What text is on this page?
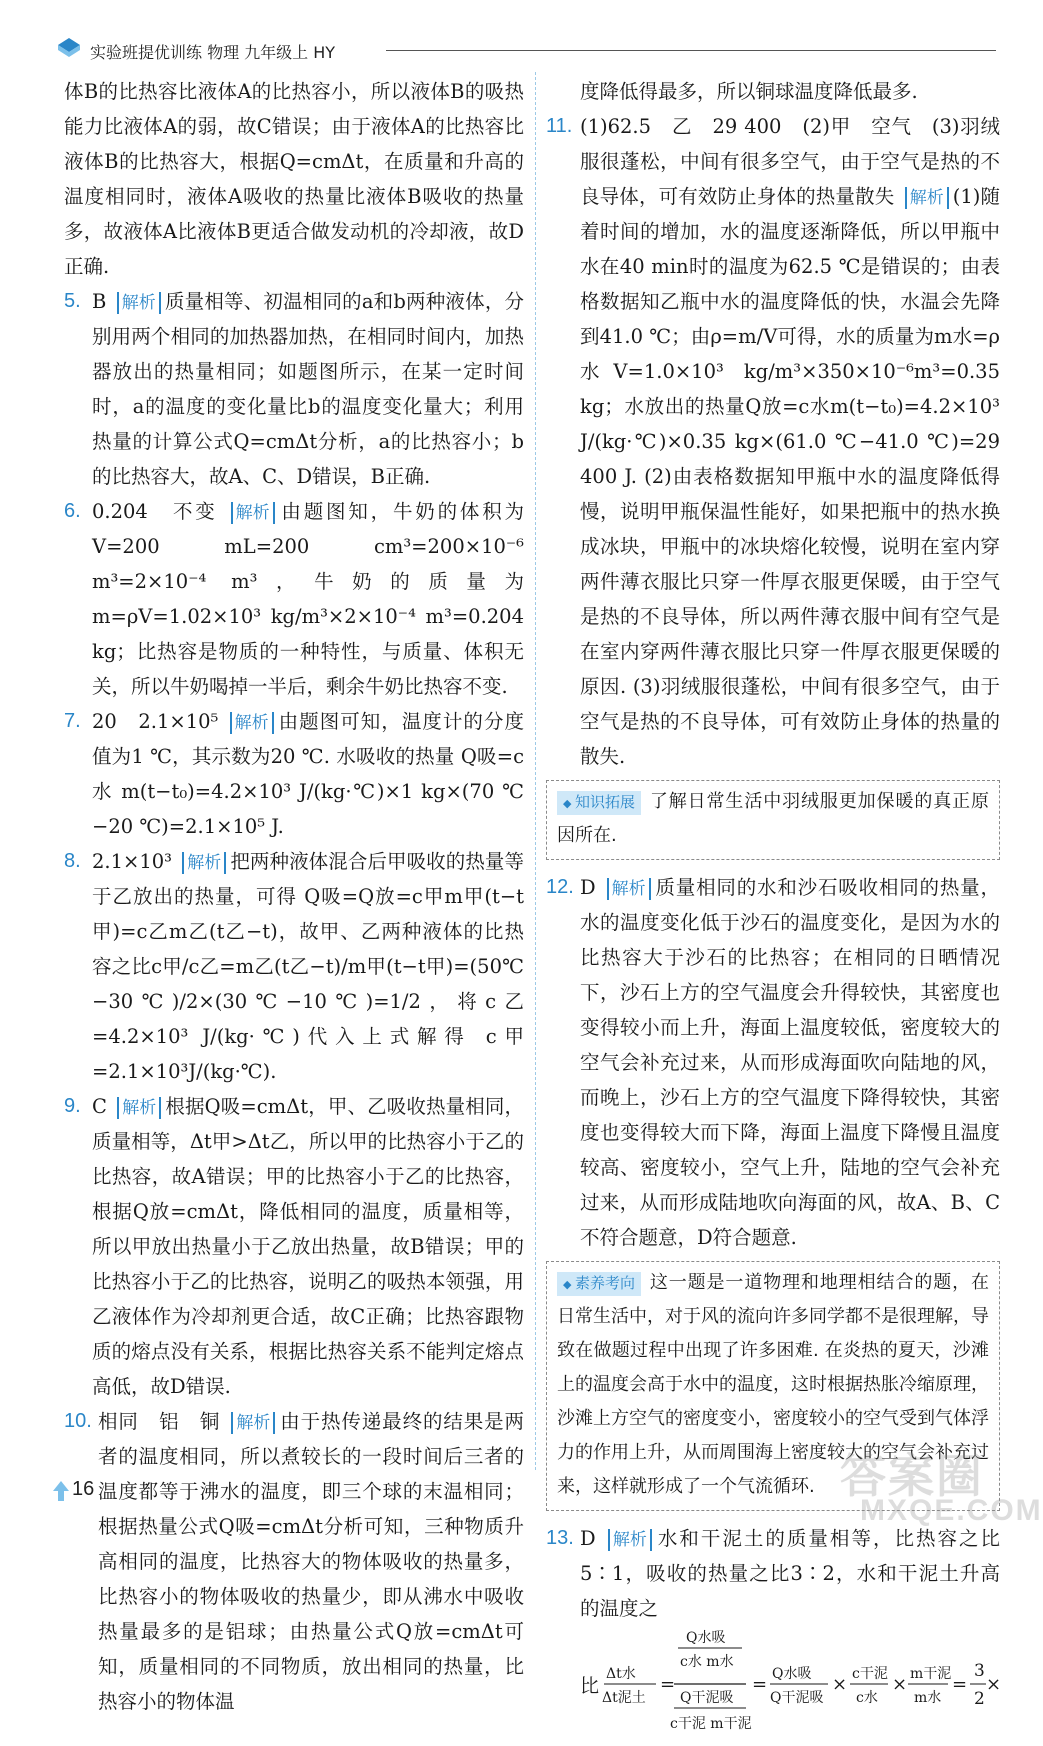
实验班提优训练 物理 九年级上 HY

体B的比热容比液体A的比热容小，所以液体B的吸热能力比液体A的弱，故C错误；由于液体A的比热容比液体B的比热容大，根据Q=cmΔt，在质量和升高的温度相同时，液体A吸收的热量比液体B吸收的热量多，故液体A比液体B更适合做发动机的冷却液，故D正确.

5. B 解析 质量相等、初温相同的a和b两种液体，分别用两个相同的加热器加热，在相同时间内，加热器放出的热量相同；如题图所示，在某一定时间时，a的温度的变化量比b的温度变化量大；利用热量的计算公式Q=cmΔt分析，a的比热容小；b的比热容大，故A、C、D错误，B正确.
6. 0.204　不变 解析 由题图知，牛奶的体积为V=200 mL=200 cm³=200×10⁻⁶ m³=2×10⁻⁴ m³，牛奶的质量为 m=ρV=1.02×10³ kg/m³×2×10⁻⁴ m³=0.204 kg；比热容是物质的一种特性，与质量、体积无关，所以牛奶喝掉一半后，剩余牛奶比热容不变.
7. 20　2.1×10⁵ 解析 由题图可知，温度计的分度值为1 ℃，其示数为20 ℃. 水吸收的热量 Q吸=c水 m(t−t₀)=4.2×10³ J/(kg·℃)×1 kg×(70 ℃−20 ℃)=2.1×10⁵ J.
8. 2.1×10³ 解析 把两种液体混合后甲吸收的热量等于乙放出的热量，可得 Q吸=Q放=c甲m甲(t−t甲)=c乙m乙(t乙−t)，故甲、乙两种液体的比热容之比c甲/c乙=m乙(t乙−t)/m甲(t−t甲)=(50℃−30℃)/2×(30℃−10℃)=1/2，将c乙=4.2×10³ J/(kg·℃)代入上式解得 c甲=2.1×10³J/(kg·℃).
9. C 解析 根据Q吸=cmΔt，甲、乙吸收热量相同，质量相等，Δt甲>Δt乙，所以甲的比热容小于乙的比热容，故A错误；甲的比热容小于乙的比热容，根据Q放=cmΔt，降低相同的温度，质量相等，所以甲放出热量小于乙放出热量，故B错误；甲的比热容小于乙的比热容，说明乙的吸热本领强，用乙液体作为冷却剂更合适，故C正确；比热容跟物质的熔点没有关系，根据比热容关系不能判定熔点高低，故D错误.
10. 相同　铝　铜 解析 由于热传递最终的结果是两者的温度相同，所以煮较长的一段时间后三者的温度都等于沸水的温度，即三个球的末温相同；根据热量公式Q吸=cmΔt分析可知，三种物质升高相同的温度，比热容大的物体吸收的热量多，比热容小的物体吸收的热量少，即从沸水中吸收热量最多的是铝球；由热量公式Q放=cmΔt可知，质量相同的不同物质，放出相同的热量，比热容小的物体温

度降低得最多，所以铜球温度降低最多.

11. (1)62.5　乙　29 400　(2)甲　空气　(3)羽绒服很蓬松，中间有很多空气，由于空气是热的不良导体，可有效防止身体的热量散失 解析 (1)随着时间的增加，水的温度逐渐降低，所以甲瓶中水在40 min时的温度为62.5 ℃是错误的；由表格数据知乙瓶中水的温度降低的快，水温会先降到41.0 ℃；由ρ=m/V可得，水的质量为m水=ρ水V=1.0×10³ kg/m³×350×10⁻⁶m³=0.35 kg；水放出的热量Q放=c水m(t−t₀)=4.2×10³ J/(kg·℃)×0.35 kg×(61.0 ℃−41.0 ℃)=29 400 J. (2)由表格数据知甲瓶中水的温度降低得慢，说明甲瓶保温性能好，如果把瓶中的热水换成冰块，甲瓶中的冰块熔化较慢，说明在室内穿两件薄衣服比只穿一件厚衣服更保暖，由于空气是热的不良导体，所以两件薄衣服中间有空气是在室内穿两件薄衣服比只穿一件厚衣服更保暖的原因. (3)羽绒服很蓬松，中间有很多空气，由于空气是热的不良导体，可有效防止身体的热量的散失.
◆ 知识拓展 了解日常生活中羽绒服更加保暖的真正原因所在.
12. D 解析 质量相同的水和沙石吸收相同的热量，水的温度变化低于沙石的温度变化，是因为水的比热容大于沙石的比热容；在相同的日晒情况下，沙石上方的空气温度会升得较快，其密度也变得较小而上升，海面上温度较低，密度较大的空气会补充过来，从而形成海面吹向陆地的风，而晚上，沙石上方的空气温度下降得较快，其密度也变得较大而下降，海面上温度下降慢且温度较高、密度较小，空气上升，陆地的空气会补充过来，从而形成陆地吹向海面的风，故A、B、C不符合题意，D符合题意.
◆ 素养考向 这一题是一道物理和地理相结合的题，在日常生活中，对于风的流向许多同学都不是很理解，导致在做题过程中出现了许多困难. 在炎热的夏天，沙滩上的温度会高于水中的温度，这时根据热胀冷缩原理，沙滩上方空气的密度变小，密度较小的空气受到气体浮力的作用上升，从而周围海上密度较大的空气会补充过来，这样就形成了一个气流循环.
13. D 解析 水和干泥土的质量相等，比热容之比5∶1，吸收的热量之比3∶2，水和干泥土升高的温度之
比
Δt水
Δt泥土
=
Q水吸
c水 m水
Q干泥吸
c干泥 m干泥
= Q水吸
Q干泥吸
× c干泥
c水
× m干泥
m水
=
3
2
×
16	答案圈
MXQE.COM
